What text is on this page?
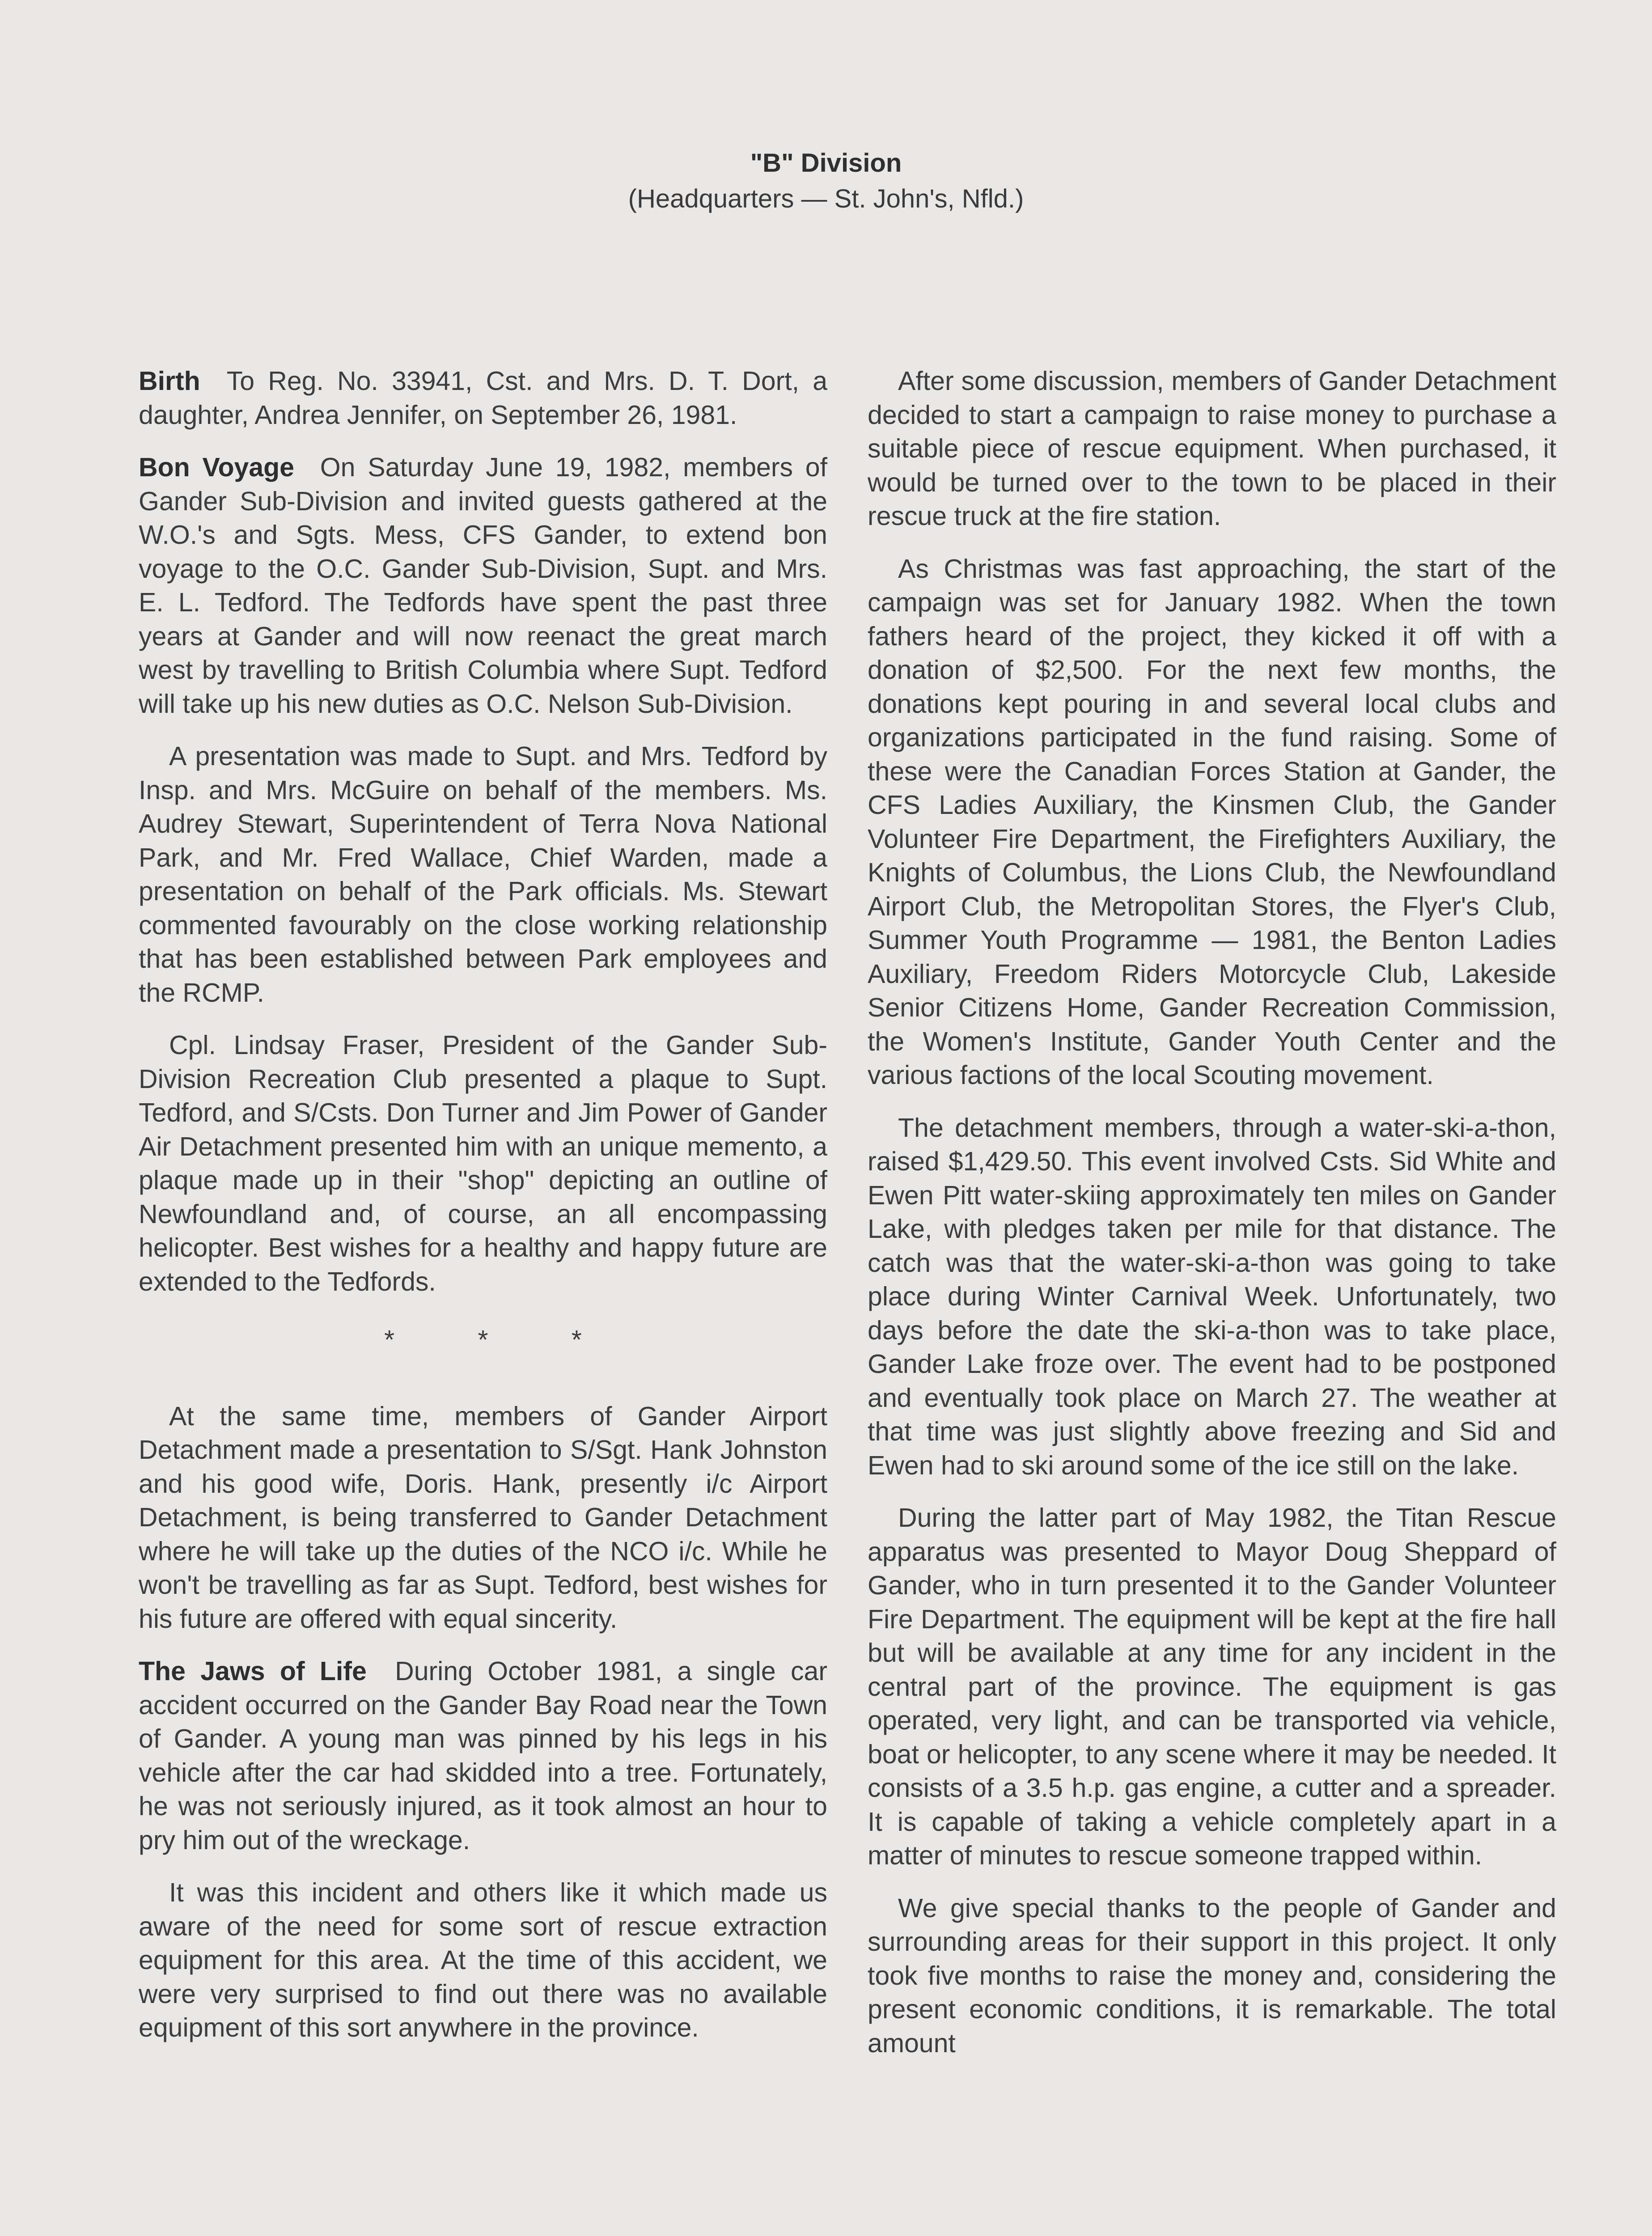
"B" Division
(Headquarters — St. John's, Nfld.)

Birth To Reg. No. 33941, Cst. and Mrs. D. T. Dort, a daughter, Andrea Jennifer, on September 26, 1981.

Bon Voyage On Saturday June 19, 1982, members of Gander Sub-Division and invited guests gathered at the W.O.'s and Sgts. Mess, CFS Gander, to extend bon voyage to the O.C. Gander Sub-Division, Supt. and Mrs. E. L. Tedford. The Tedfords have spent the past three years at Gander and will now reenact the great march west by travelling to British Columbia where Supt. Tedford will take up his new duties as O.C. Nelson Sub-Division.

A presentation was made to Supt. and Mrs. Tedford by Insp. and Mrs. McGuire on behalf of the members. Ms. Audrey Stewart, Superintendent of Terra Nova National Park, and Mr. Fred Wallace, Chief Warden, made a presentation on behalf of the Park officials. Ms. Stewart commented favourably on the close working relationship that has been established between Park employees and the RCMP.

Cpl. Lindsay Fraser, President of the Gander Sub-Division Recreation Club presented a plaque to Supt. Tedford, and S/Csts. Don Turner and Jim Power of Gander Air Detachment presented him with an unique memento, a plaque made up in their "shop" depicting an outline of Newfoundland and, of course, an all encompassing helicopter. Best wishes for a healthy and happy future are extended to the Tedfords.

* * *

At the same time, members of Gander Airport Detachment made a presentation to S/Sgt. Hank Johnston and his good wife, Doris. Hank, presently i/c Airport Detachment, is being transferred to Gander Detachment where he will take up the duties of the NCO i/c. While he won't be travelling as far as Supt. Tedford, best wishes for his future are offered with equal sincerity.

The Jaws of Life During October 1981, a single car accident occurred on the Gander Bay Road near the Town of Gander. A young man was pinned by his legs in his vehicle after the car had skidded into a tree. Fortunately, he was not seriously injured, as it took almost an hour to pry him out of the wreckage.

It was this incident and others like it which made us aware of the need for some sort of rescue extraction equipment for this area. At the time of this accident, we were very surprised to find out there was no available equipment of this sort anywhere in the province.

After some discussion, members of Gander Detachment decided to start a campaign to raise money to purchase a suitable piece of rescue equipment. When purchased, it would be turned over to the town to be placed in their rescue truck at the fire station.

As Christmas was fast approaching, the start of the campaign was set for January 1982. When the town fathers heard of the project, they kicked it off with a donation of $2,500. For the next few months, the donations kept pouring in and several local clubs and organizations participated in the fund raising. Some of these were the Canadian Forces Station at Gander, the CFS Ladies Auxiliary, the Kinsmen Club, the Gander Volunteer Fire Department, the Firefighters Auxiliary, the Knights of Columbus, the Lions Club, the Newfoundland Airport Club, the Metropolitan Stores, the Flyer's Club, Summer Youth Programme — 1981, the Benton Ladies Auxiliary, Freedom Riders Motorcycle Club, Lakeside Senior Citizens Home, Gander Recreation Commission, the Women's Institute, Gander Youth Center and the various factions of the local Scouting movement.

The detachment members, through a water-ski-a-thon, raised $1,429.50. This event involved Csts. Sid White and Ewen Pitt water-skiing approximately ten miles on Gander Lake, with pledges taken per mile for that distance. The catch was that the water-ski-a-thon was going to take place during Winter Carnival Week. Unfortunately, two days before the date the ski-a-thon was to take place, Gander Lake froze over. The event had to be postponed and eventually took place on March 27. The weather at that time was just slightly above freezing and Sid and Ewen had to ski around some of the ice still on the lake.

During the latter part of May 1982, the Titan Rescue apparatus was presented to Mayor Doug Sheppard of Gander, who in turn presented it to the Gander Volunteer Fire Department. The equipment will be kept at the fire hall but will be available at any time for any incident in the central part of the province. The equipment is gas operated, very light, and can be transported via vehicle, boat or helicopter, to any scene where it may be needed. It consists of a 3.5 h.p. gas engine, a cutter and a spreader. It is capable of taking a vehicle completely apart in a matter of minutes to rescue someone trapped within.

We give special thanks to the people of Gander and surrounding areas for their support in this project. It only took five months to raise the money and, considering the present economic conditions, it is remarkable. The total amount
